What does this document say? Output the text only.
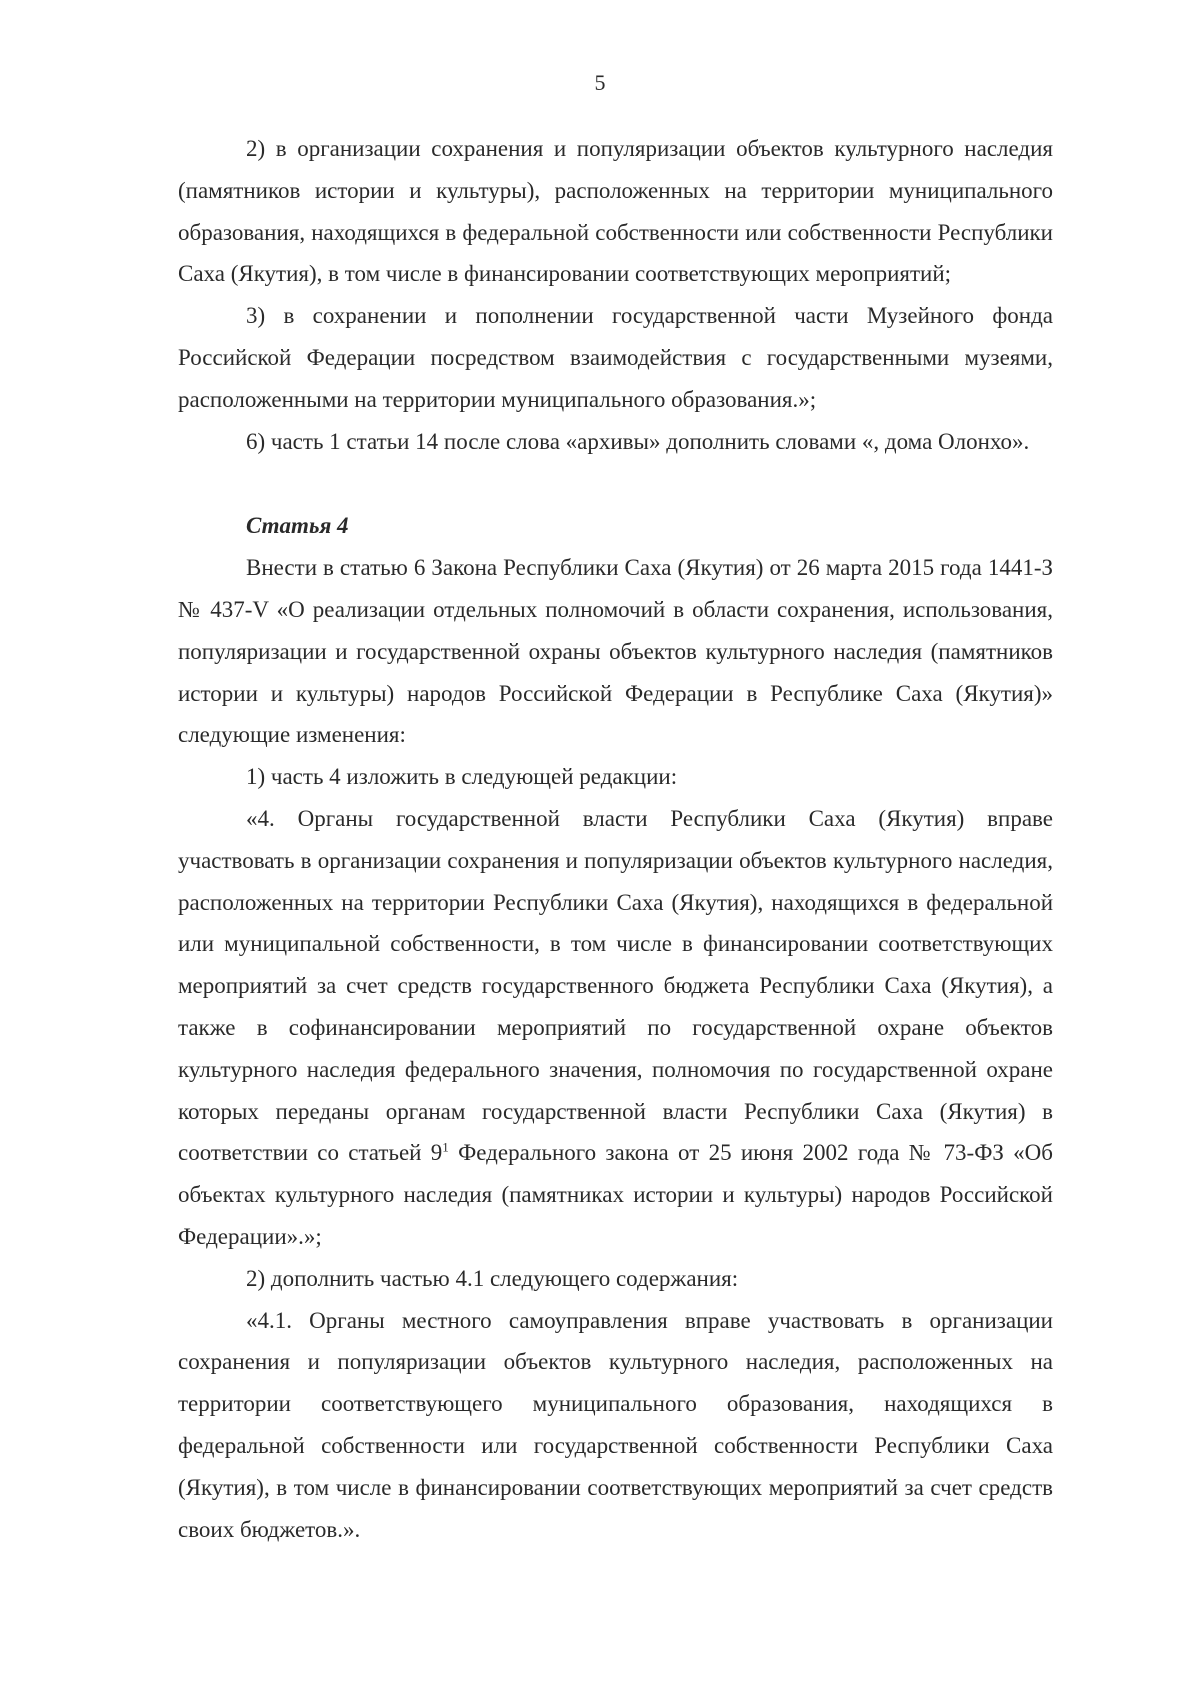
5

2) в организации сохранения и популяризации объектов культурного наследия (памятников истории и культуры), расположенных на территории муниципального образования, находящихся в федеральной собственности или собственности Республики Саха (Якутия), в том числе в финансировании соответствующих мероприятий;

3) в сохранении и пополнении государственной части Музейного фонда Российской Федерации посредством взаимодействия с государственными музеями, расположенными на территории муниципального образования.»;

6) часть 1 статьи 14 после слова «архивы» дополнить словами «, дома Олонхо».

Статья 4

Внести в статью 6 Закона Республики Саха (Якутия) от 26 марта 2015 года 1441-З № 437-V «О реализации отдельных полномочий в области сохранения, использования, популяризации и государственной охраны объектов культурного наследия (памятников истории и культуры) народов Российской Федерации в Республике Саха (Якутия)» следующие изменения:

1) часть 4 изложить в следующей редакции:

«4. Органы государственной власти Республики Саха (Якутия) вправе участвовать в организации сохранения и популяризации объектов культурного наследия, расположенных на территории Республики Саха (Якутия), находящихся в федеральной или муниципальной собственности, в том числе в финансировании соответствующих мероприятий за счет средств государственного бюджета Республики Саха (Якутия), а также в софинансировании мероприятий по государственной охране объектов культурного наследия федерального значения, полномочия по государственной охране которых переданы органам государственной власти Республики Саха (Якутия) в соответствии со статьей $9^1$ Федерального закона от 25 июня 2002 года № 73-ФЗ «Об объектах культурного наследия (памятниках истории и культуры) народов Российской Федерации».»;

2) дополнить частью 4.1 следующего содержания:

«4.1. Органы местного самоуправления вправе участвовать в организации сохранения и популяризации объектов культурного наследия, расположенных на территории соответствующего муниципального образования, находящихся в федеральной собственности или государственной собственности Республики Саха (Якутия), в том числе в финансировании соответствующих мероприятий за счет средств своих бюджетов.».
